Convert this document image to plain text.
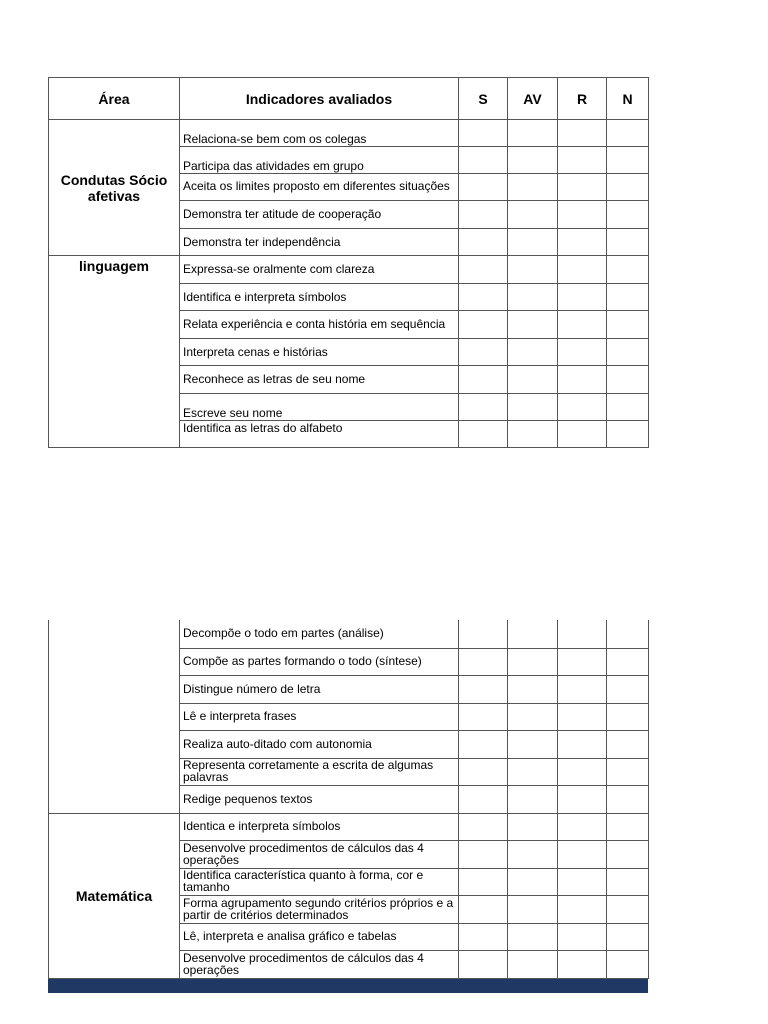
Área	Indicadores avaliados	S	AV	R	N
Condutas Sócio afetivas	Relaciona-se bem com os colegas				

	Participa das atividades em grupo				

	Aceita os limites proposto em diferentes situações				

	Demonstra ter atitude de cooperação				

	Demonstra ter independência				

linguagem	Expressa-se oralmente com clareza				

	Identifica e interpreta símbolos				

	Relata experiência e conta história em sequência				

	Interpreta cenas e histórias				

	Reconhece as letras de seu nome				

	Escreve seu nome				

	Identifica as letras do alfabeto				

	Decompõe o todo em partes (análise)				

	Compõe as partes formando o todo (síntese)				

	Distingue número de letra				

	Lê e interpreta frases				

	Realiza auto-ditado com autonomia				

	Representa corretamente a escrita de algumas palavras				

	Redige pequenos textos				

Matemática	Identica e interpreta símbolos				

	Desenvolve procedimentos de cálculos das 4 operações				

	Identifica característica quanto à forma, cor e tamanho				

	Forma agrupamento segundo critérios próprios e a partir de critérios determinados				

	Lê, interpreta e analisa gráfico e tabelas				

	Desenvolve procedimentos de cálculos das 4 operações				
